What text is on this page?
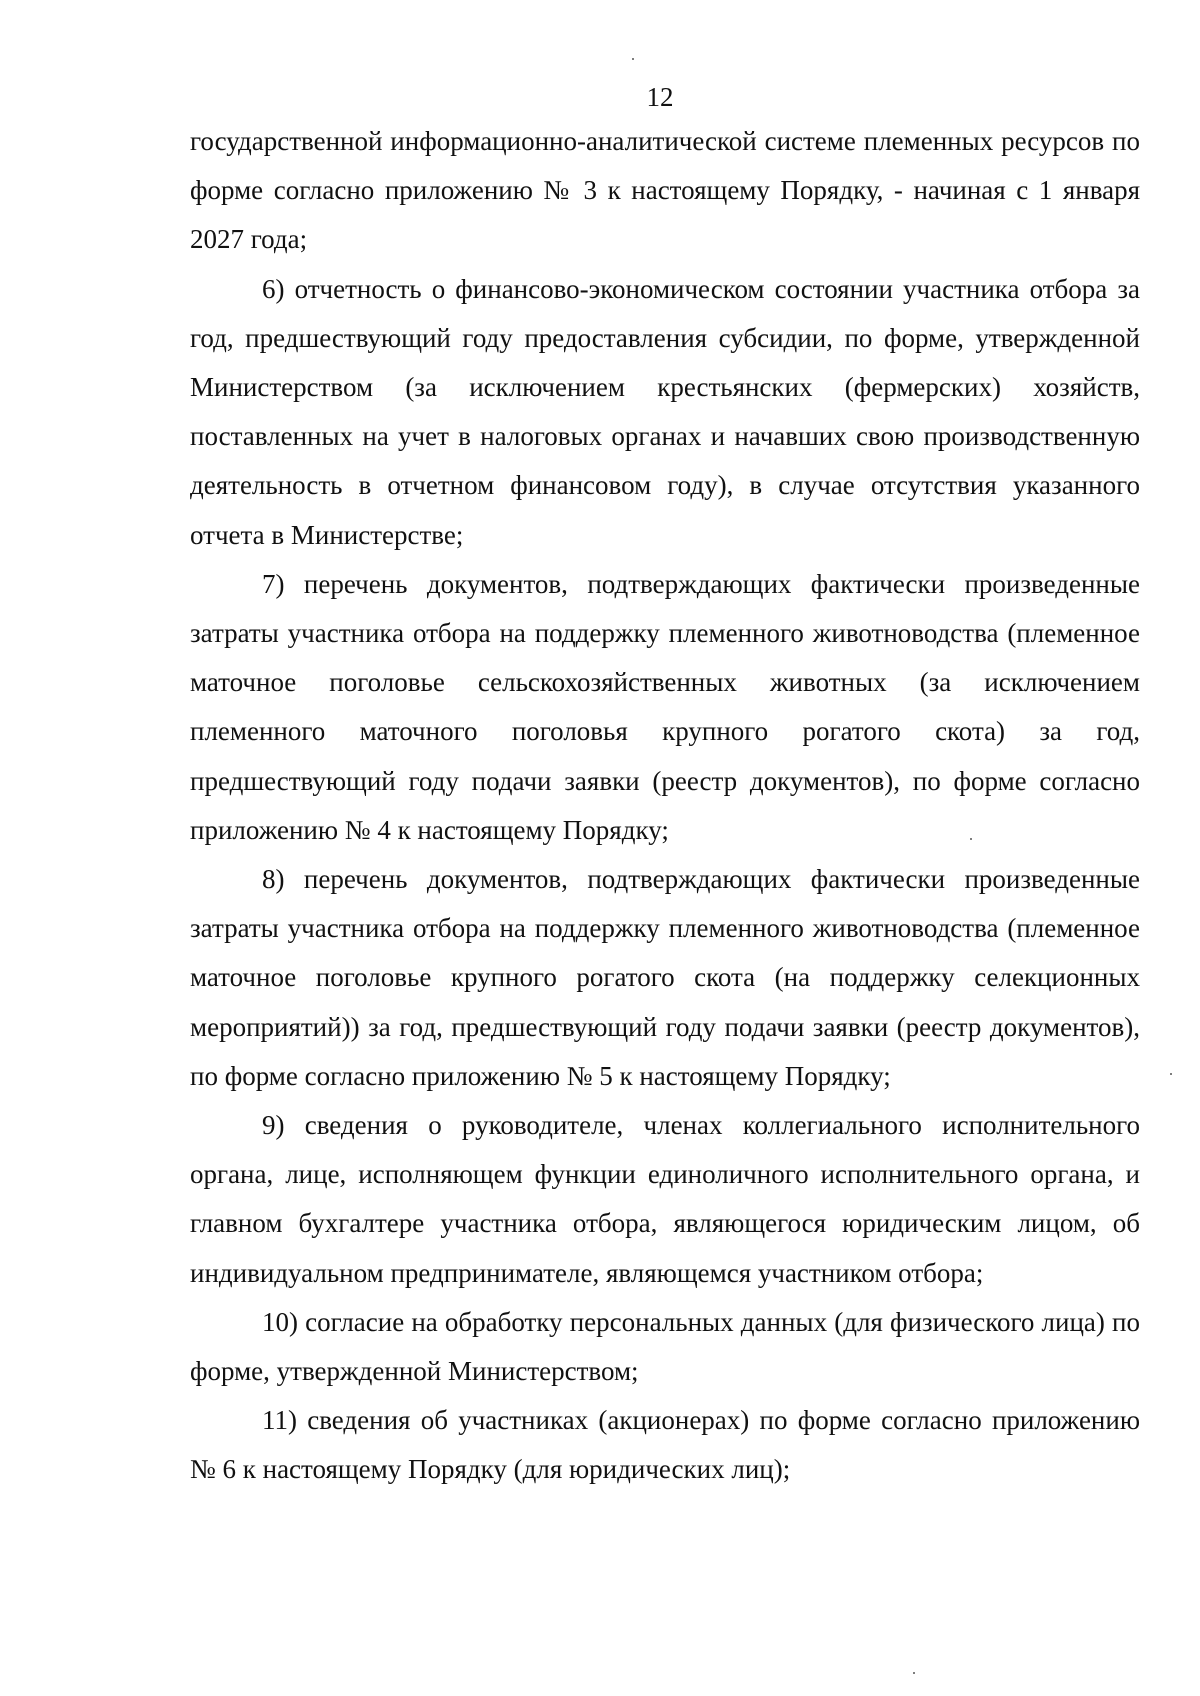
12

государственной информационно-аналитической системе племенных ресурсов по форме согласно приложению № 3 к настоящему Порядку, - начиная с 1 января 2027 года;

6) отчетность о финансово-экономическом состоянии участника отбора за год, предшествующий году предоставления субсидии, по форме, утвержденной Министерством (за исключением крестьянских (фермерских) хозяйств, поставленных на учет в налоговых органах и начавших свою производственную деятельность в отчетном финансовом году), в случае отсутствия указанного отчета в Министерстве;

7) перечень документов, подтверждающих фактически произведенные затраты участника отбора на поддержку племенного животноводства (племенное маточное поголовье сельскохозяйственных животных (за исключением племенного маточного поголовья крупного рогатого скота) за год, предшествующий году подачи заявки (реестр документов), по форме согласно приложению № 4 к настоящему Порядку;

8) перечень документов, подтверждающих фактически произведенные затраты участника отбора на поддержку племенного животноводства (племенное маточное поголовье крупного рогатого скота (на поддержку селекционных мероприятий)) за год, предшествующий году подачи заявки (реестр документов), по форме согласно приложению № 5 к настоящему Порядку;

9) сведения о руководителе, членах коллегиального исполнительного органа, лице, исполняющем функции единоличного исполнительного органа, и главном бухгалтере участника отбора, являющегося юридическим лицом, об индивидуальном предпринимателе, являющемся участником отбора;

10) согласие на обработку персональных данных (для физического лица) по форме, утвержденной Министерством;

11) сведения об участниках (акционерах) по форме согласно приложению № 6 к настоящему Порядку (для юридических лиц);
